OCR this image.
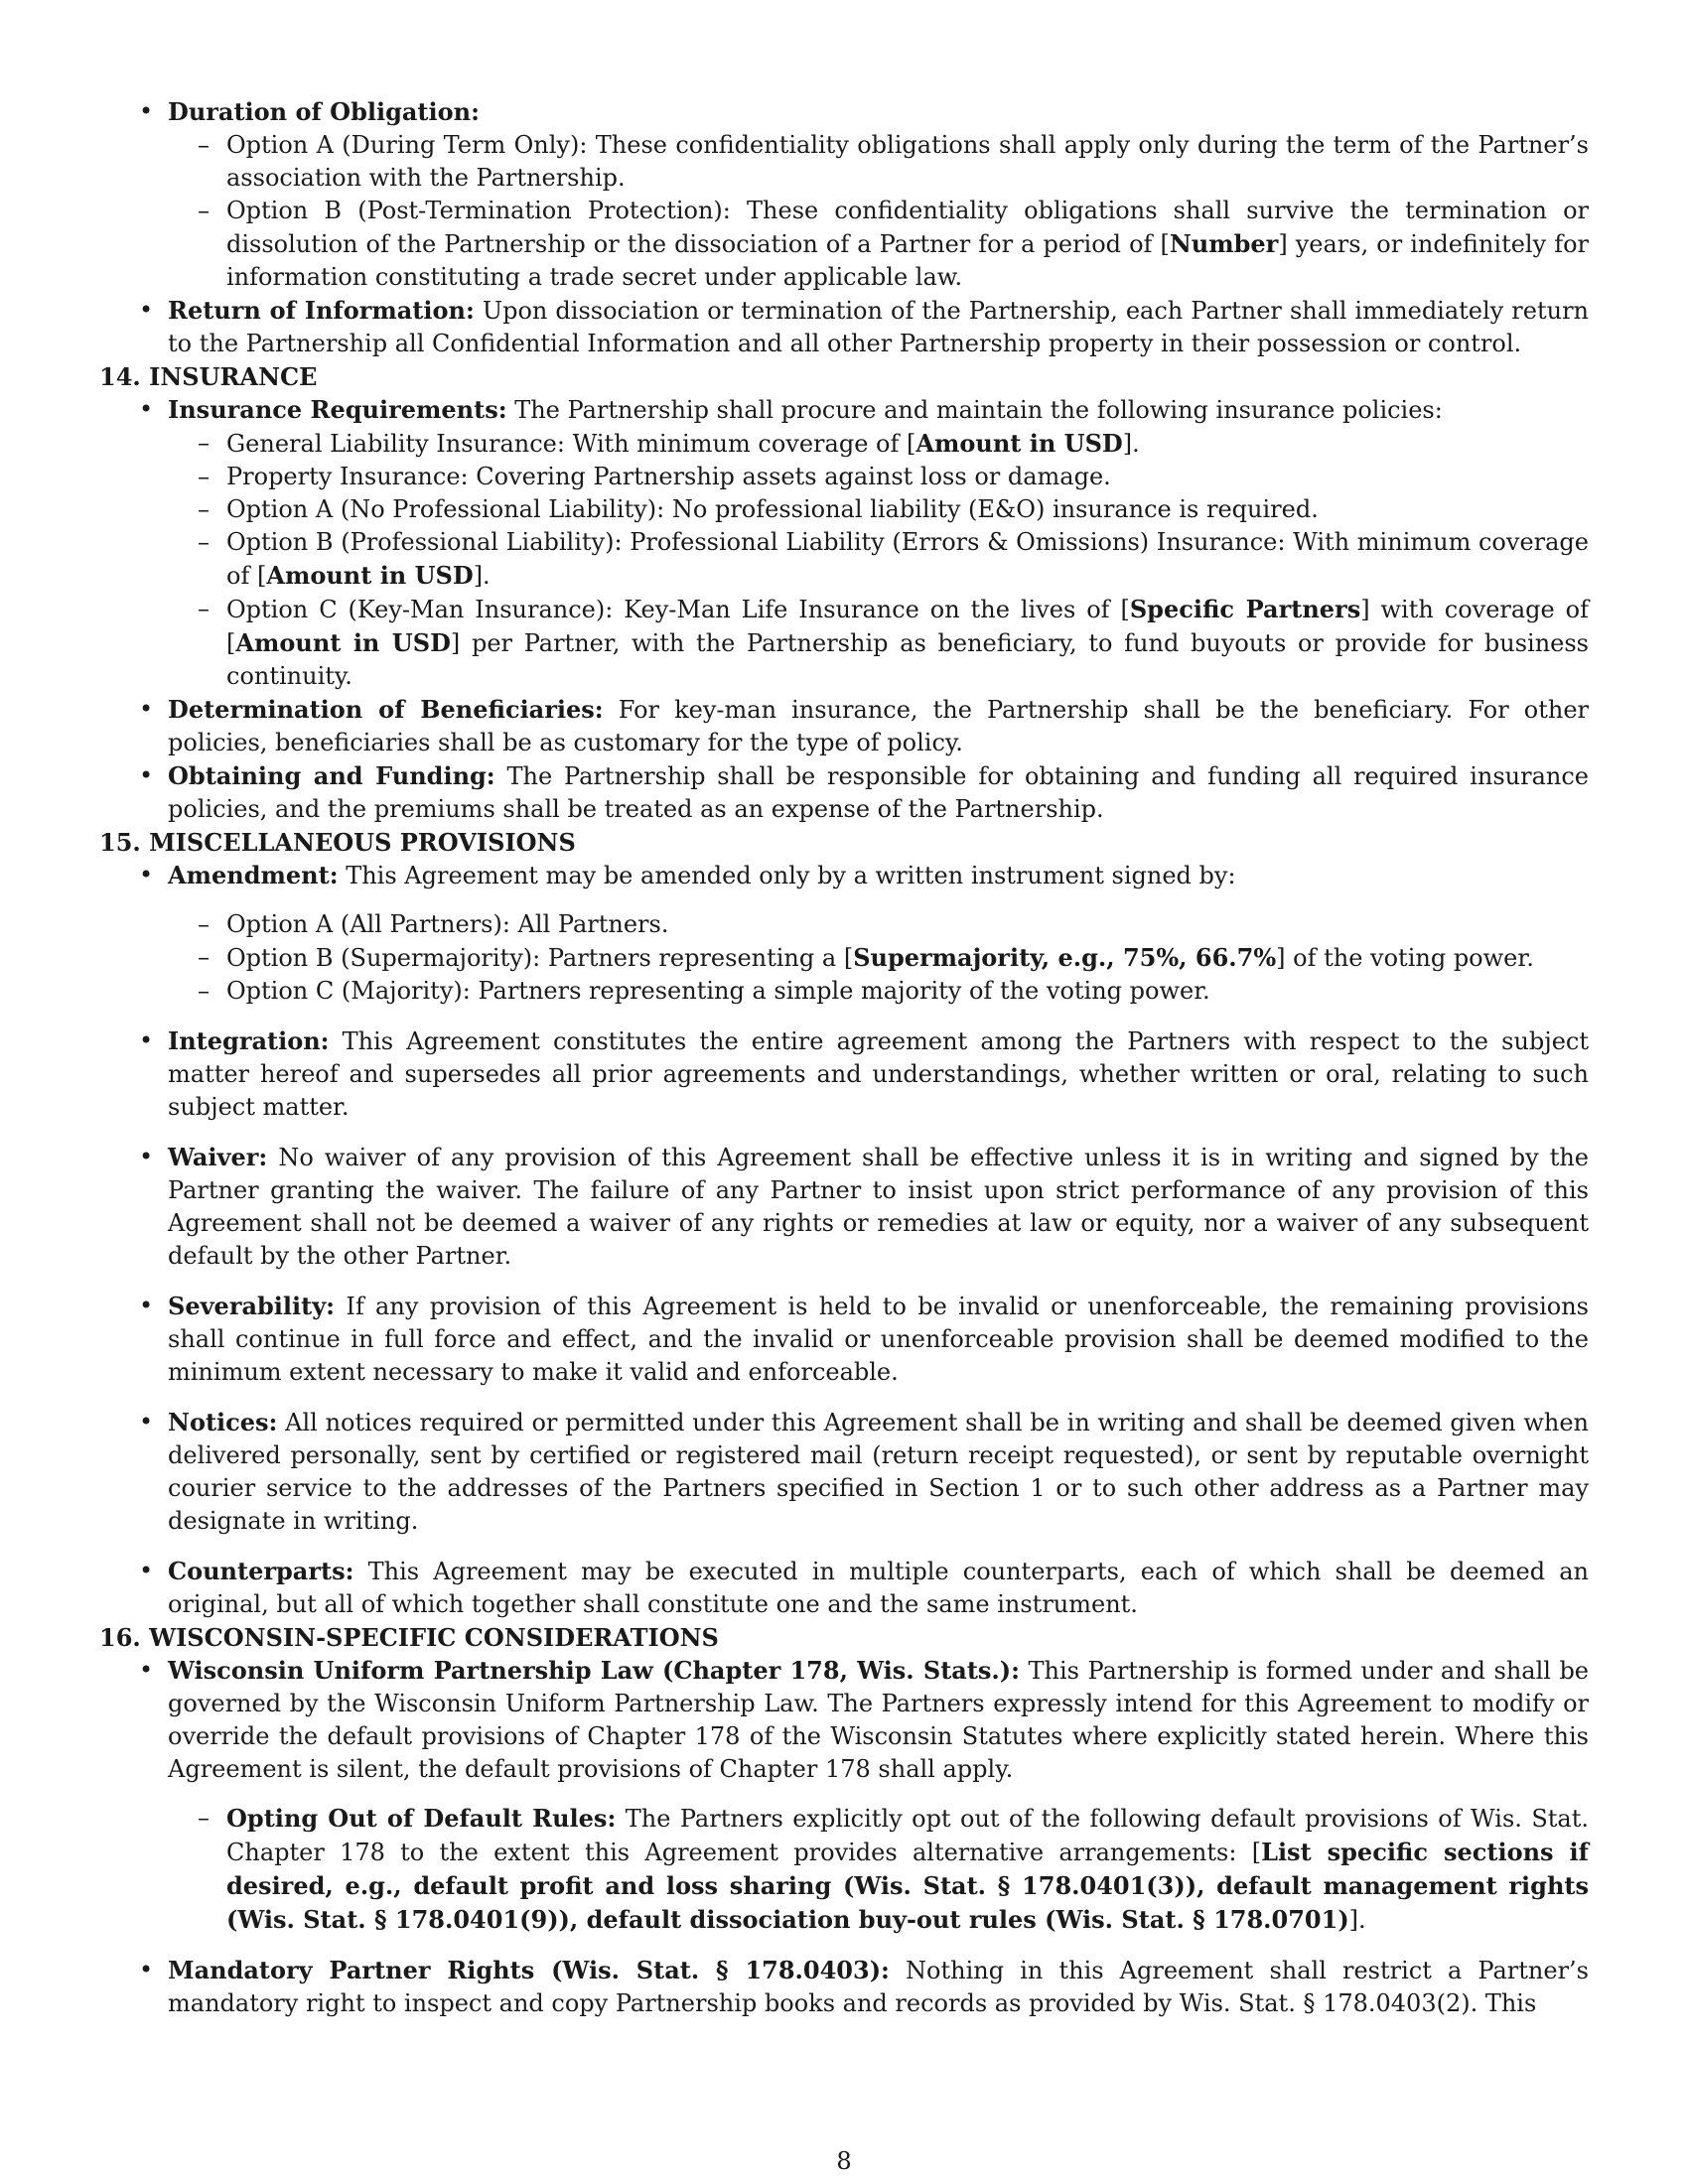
• Duration of Obligation:
– Option A (During Term Only): These confidentiality obligations shall apply only during the term of the Partner’s association with the Partnership.
– Option B (Post-Termination Protection): These confidentiality obligations shall survive the termination or dissolution of the Partnership or the dissociation of a Partner for a period of [Number] years, or indefinitely for information constituting a trade secret under applicable law.
• Return of Information: Upon dissociation or termination of the Partnership, each Partner shall immediately return to the Partnership all Confidential Information and all other Partnership property in their possession or control.
14. INSURANCE
• Insurance Requirements: The Partnership shall procure and maintain the following insurance policies:
– General Liability Insurance: With minimum coverage of [Amount in USD].
– Property Insurance: Covering Partnership assets against loss or damage.
– Option A (No Professional Liability): No professional liability (E&O) insurance is required.
– Option B (Professional Liability): Professional Liability (Errors & Omissions) Insurance: With minimum coverage of [Amount in USD].
– Option C (Key-Man Insurance): Key-Man Life Insurance on the lives of [Specific Partners] with coverage of [Amount in USD] per Partner, with the Partnership as beneficiary, to fund buyouts or provide for business continuity.
• Determination of Beneficiaries: For key-man insurance, the Partnership shall be the beneficiary. For other policies, beneficiaries shall be as customary for the type of policy.
• Obtaining and Funding: The Partnership shall be responsible for obtaining and funding all required insurance policies, and the premiums shall be treated as an expense of the Partnership.
15. MISCELLANEOUS PROVISIONS
• Amendment: This Agreement may be amended only by a written instrument signed by:
– Option A (All Partners): All Partners.
– Option B (Supermajority): Partners representing a [Supermajority, e.g., 75%, 66.7%] of the voting power.
– Option C (Majority): Partners representing a simple majority of the voting power.
• Integration: This Agreement constitutes the entire agreement among the Partners with respect to the subject matter hereof and supersedes all prior agreements and understandings, whether written or oral, relating to such subject matter.
• Waiver: No waiver of any provision of this Agreement shall be effective unless it is in writing and signed by the Partner granting the waiver. The failure of any Partner to insist upon strict performance of any provision of this Agreement shall not be deemed a waiver of any rights or remedies at law or equity, nor a waiver of any subsequent default by the other Partner.
• Severability: If any provision of this Agreement is held to be invalid or unenforceable, the remaining provisions shall continue in full force and effect, and the invalid or unenforceable provision shall be deemed modified to the minimum extent necessary to make it valid and enforceable.
• Notices: All notices required or permitted under this Agreement shall be in writing and shall be deemed given when delivered personally, sent by certified or registered mail (return receipt requested), or sent by reputable overnight courier service to the addresses of the Partners specified in Section 1 or to such other address as a Partner may designate in writing.
• Counterparts: This Agreement may be executed in multiple counterparts, each of which shall be deemed an original, but all of which together shall constitute one and the same instrument.
16. WISCONSIN-SPECIFIC CONSIDERATIONS
• Wisconsin Uniform Partnership Law (Chapter 178, Wis. Stats.): This Partnership is formed under and shall be governed by the Wisconsin Uniform Partnership Law. The Partners expressly intend for this Agreement to modify or override the default provisions of Chapter 178 of the Wisconsin Statutes where explicitly stated herein. Where this Agreement is silent, the default provisions of Chapter 178 shall apply.
– Opting Out of Default Rules: The Partners explicitly opt out of the following default provisions of Wis. Stat. Chapter 178 to the extent this Agreement provides alternative arrangements: [List specific sections if desired, e.g., default profit and loss sharing (Wis. Stat. § 178.0401(3)), default management rights (Wis. Stat. § 178.0401(9)), default dissociation buy-out rules (Wis. Stat. § 178.0701)].
• Mandatory Partner Rights (Wis. Stat. § 178.0403): Nothing in this Agreement shall restrict a Partner’s mandatory right to inspect and copy Partnership books and records as provided by Wis. Stat. § 178.0403(2). This
8
